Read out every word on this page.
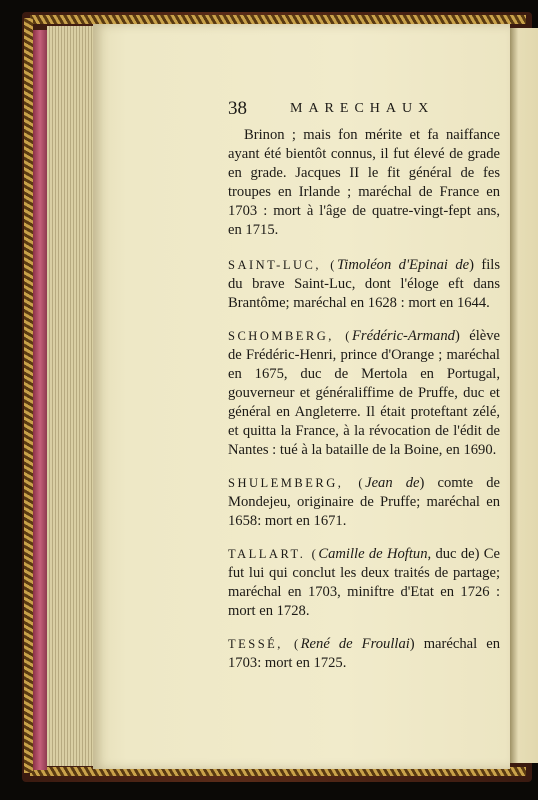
38	MARECHAUX

Brinon ; mais fon mérite et fa naiffance ayant été bientôt connus, il fut élevé de grade en grade. Jacques II le fit général de fes troupes en Irlande ; maréchal de France en 1703 : mort à l'âge de quatre-vingt-fept ans, en 1715.

SAINT-LUC, (Timoléon d'Epinai de) fils du brave Saint-Luc, dont l'éloge eft dans Brantôme; maréchal en 1628 : mort en 1644.

SCHOMBERG, (Frédéric-Armand) élève de Frédéric-Henri, prince d'Orange ; maréchal en 1675, duc de Mertola en Portugal, gouverneur et généraliffime de Pruffe, duc et général en Angleterre. Il était proteftant zélé, et quitta la France, à la révocation de l'édit de Nantes : tué à la bataille de la Boine, en 1690.

SHULEMBERG, (Jean de) comte de Mondejeu, originaire de Pruffe; maréchal en 1658: mort en 1671.

TALLART. (Camille de Hoftun, duc de) Ce fut lui qui conclut les deux traités de partage; maréchal en 1703, miniftre d'Etat en 1726 : mort en 1728.

TESSÉ, (René de Froullai) maréchal en 1703: mort en 1725.
